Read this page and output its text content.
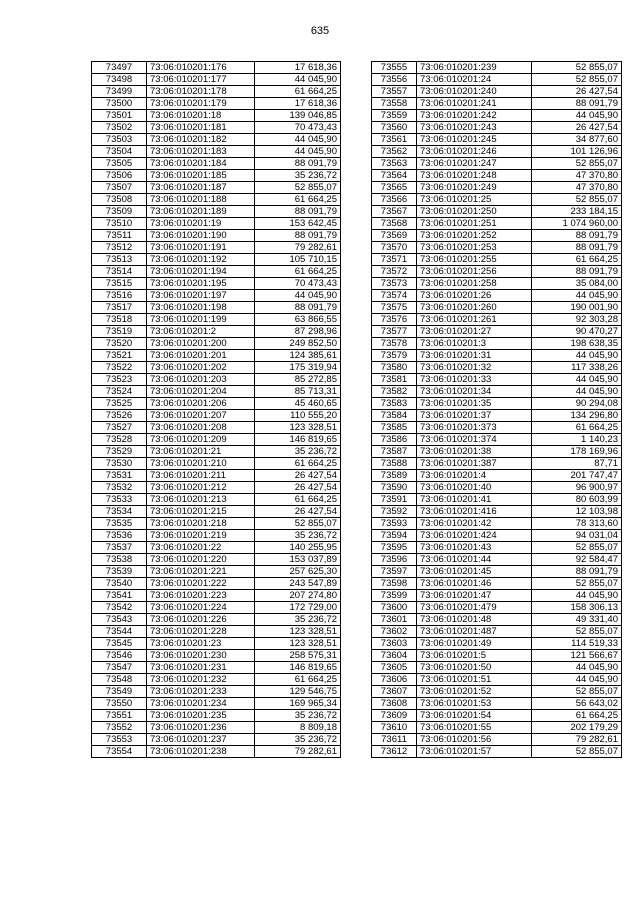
635
73497	73:06:010201:176	17 618,36
73498	73:06:010201:177	44 045,90
73499	73:06:010201:178	61 664,25
73500	73:06:010201:179	17 618,36
73501	73:06:010201:18	139 046,85
73502	73:06:010201:181	70 473,43
73503	73:06:010201:182	44 045,90
73504	73:06:010201:183	44 045,90
73505	73:06:010201:184	88 091,79
73506	73:06:010201:185	35 236,72
73507	73:06:010201:187	52 855,07
73508	73:06:010201:188	61 664,25
73509	73:06:010201:189	88 091,79
73510	73:06:010201:19	153 642,45
73511	73:06:010201:190	88 091,79
73512	73:06:010201:191	79 282,61
73513	73:06:010201:192	105 710,15
73514	73:06:010201:194	61 664,25
73515	73:06:010201:195	70 473,43
73516	73:06:010201:197	44 045,90
73517	73:06:010201:198	88 091,79
73518	73:06:010201:199	63 866,55
73519	73:06:010201:2	87 298,96
73520	73:06:010201:200	249 852,50
73521	73:06:010201:201	124 385,61
73522	73:06:010201:202	175 319,94
73523	73:06:010201:203	85 272,85
73524	73:06:010201:204	85 713,31
73525	73:06:010201:206	45 460,65
73526	73:06:010201:207	110 555,20
73527	73:06:010201:208	123 328,51
73528	73:06:010201:209	146 819,65
73529	73:06:010201:21	35 236,72
73530	73:06:010201:210	61 664,25
73531	73:06:010201:211	26 427,54
73532	73:06:010201:212	26 427,54
73533	73:06:010201:213	61 664,25
73534	73:06:010201:215	26 427,54
73535	73:06:010201:218	52 855,07
73536	73:06:010201:219	35 236,72
73537	73:06:010201:22	140 255,95
73538	73:06:010201:220	153 037,89
73539	73:06:010201:221	257 625,30
73540	73:06:010201:222	243 547,89
73541	73:06:010201:223	207 274,80
73542	73:06:010201:224	172 729,00
73543	73:06:010201:226	35 236,72
73544	73:06:010201:228	123 328,51
73545	73:06:010201:23	123 328,51
73546	73:06:010201:230	258 575,31
73547	73:06:010201:231	146 819,65
73548	73:06:010201:232	61 664,25
73549	73:06:010201:233	129 546,75
73550	73:06:010201:234	169 965,34
73551	73:06:010201:235	35 236,72
73552	73:06:010201:236	8 809,18
73553	73:06:010201:237	35 236,72
73554	73:06:010201:238	79 282,61
73555	73:06:010201:239	52 855,07
73556	73:06:010201:24	52 855,07
73557	73:06:010201:240	26 427,54
73558	73:06:010201:241	88 091,79
73559	73:06:010201:242	44 045,90
73560	73:06:010201:243	26 427,54
73561	73:06:010201:245	34 877,60
73562	73:06:010201:246	101 126,96
73563	73:06:010201:247	52 855,07
73564	73:06:010201:248	47 370,80
73565	73:06:010201:249	47 370,80
73566	73:06:010201:25	52 855,07
73567	73:06:010201:250	233 184,15
73568	73:06:010201:251	1 074 960,00
73569	73:06:010201:252	88 091,79
73570	73:06:010201:253	88 091,79
73571	73:06:010201:255	61 664,25
73572	73:06:010201:256	88 091,79
73573	73:06:010201:258	35 084,00
73574	73:06:010201:26	44 045,90
73575	73:06:010201:260	190 001,90
73576	73:06:010201:261	92 303,28
73577	73:06:010201:27	90 470,27
73578	73:06:010201:3	198 638,35
73579	73:06:010201:31	44 045,90
73580	73:06:010201:32	117 338,26
73581	73:06:010201:33	44 045,90
73582	73:06:010201:34	44 045,90
73583	73:06:010201:35	90 294,08
73584	73:06:010201:37	134 296,80
73585	73:06:010201:373	61 664,25
73586	73:06:010201:374	1 140,23
73587	73:06:010201:38	178 169,96
73588	73:06:010201:387	87,71
73589	73:06:010201:4	201 747,47
73590	73:06:010201:40	96 900,97
73591	73:06:010201:41	80 603,99
73592	73:06:010201:416	12 103,98
73593	73:06:010201:42	78 313,60
73594	73:06:010201:424	94 031,04
73595	73:06:010201:43	52 855,07
73596	73:06:010201:44	92 584,47
73597	73:06:010201:45	88 091,79
73598	73:06:010201:46	52 855,07
73599	73:06:010201:47	44 045,90
73600	73:06:010201:479	158 306,13
73601	73:06:010201:48	49 331,40
73602	73:06:010201:487	52 855,07
73603	73:06:010201:49	114 519,33
73604	73:06:010201:5	121 566,67
73605	73:06:010201:50	44 045,90
73606	73:06:010201:51	44 045,90
73607	73:06:010201:52	52 855,07
73608	73:06:010201:53	56 643,02
73609	73:06:010201:54	61 664,25
73610	73:06:010201:55	202 179,29
73611	73:06:010201:56	79 282,61
73612	73:06:010201:57	52 855,07
